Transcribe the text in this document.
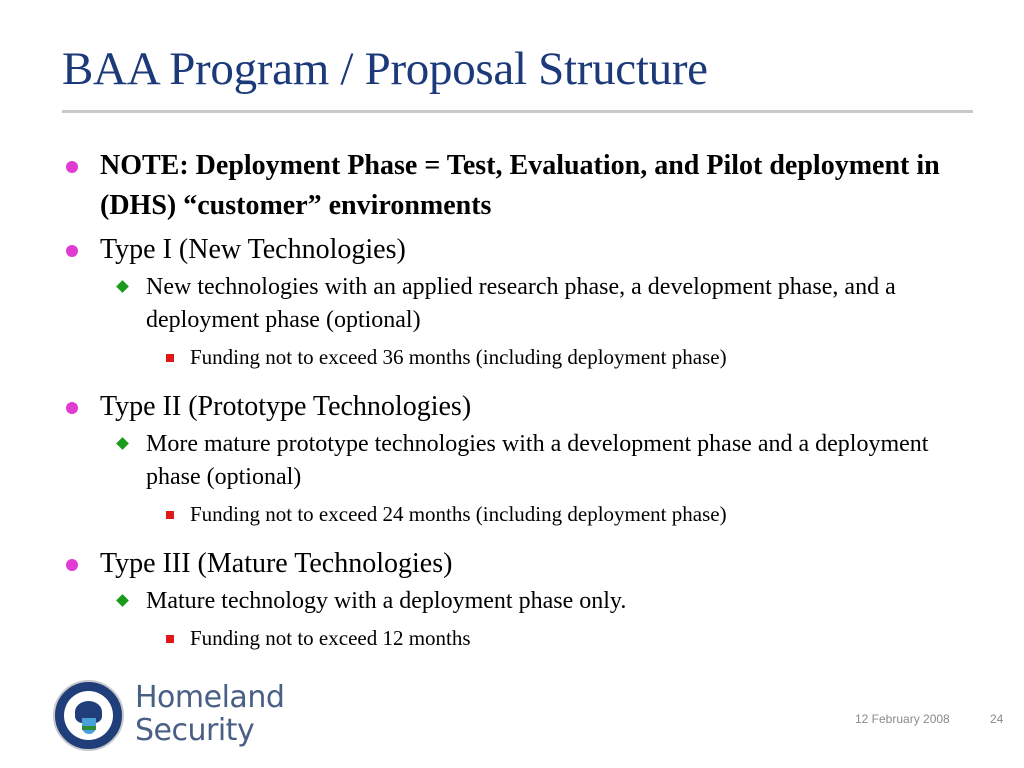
BAA Program / Proposal Structure
NOTE: Deployment Phase = Test, Evaluation, and Pilot deployment in (DHS) “customer” environments
Type I (New Technologies)
New technologies with an applied research phase, a development phase, and a deployment phase (optional)
Funding not to exceed 36 months (including deployment phase)
Type II (Prototype Technologies)
More mature prototype technologies with a development phase and a deployment phase (optional)
Funding not to exceed 24 months (including deployment phase)
Type III (Mature Technologies)
Mature technology with a deployment phase only.
Funding not to exceed 12 months
Homeland
Security	12 February 2008	24
